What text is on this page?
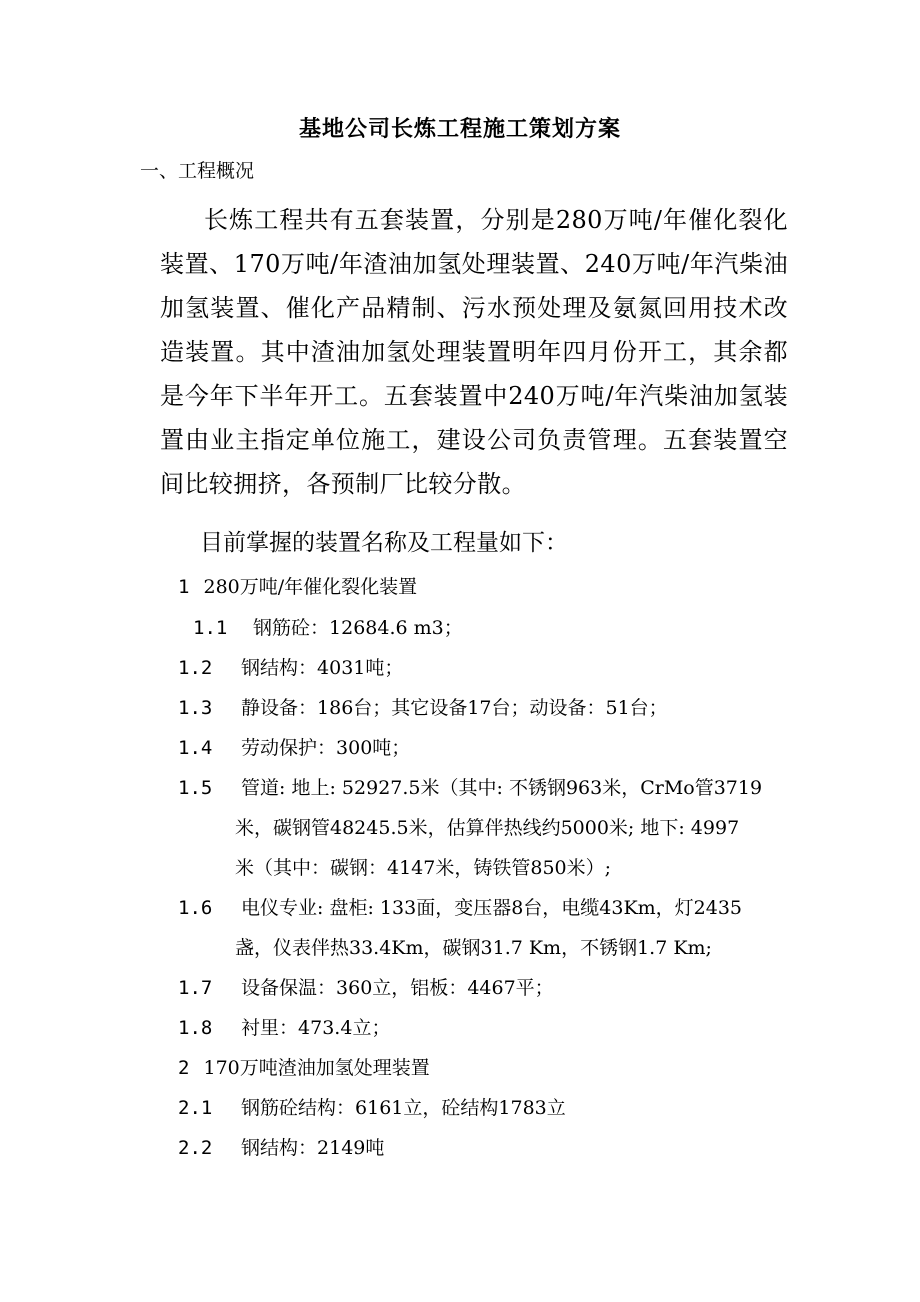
基地公司长炼工程施工策划方案

一、工程概况

长炼工程共有五套装置，分别是280万吨/年催化裂化装置、170万吨/年渣油加氢处理装置、240万吨/年汽柴油加氢装置、催化产品精制、污水预处理及氨氮回用技术改造装置。其中渣油加氢处理装置明年四月份开工，其余都是今年下半年开工。五套装置中240万吨/年汽柴油加氢装置由业主指定单位施工，建设公司负责管理。五套装置空间比较拥挤，各预制厂比较分散。

目前掌握的装置名称及工程量如下：

1 280万吨/年催化裂化装置

1.1 钢筋砼：12684.6 m3；

1.2 钢结构：4031吨；

1.3 静设备：186台；其它设备17台；动设备：51台；

1.4 劳动保护：300吨；

1.5 管道: 地上: 52927.5米（其中: 不锈钢963米，CrMo管3719

米，碳钢管48245.5米，估算伴热线约5000米; 地下: 4997

米（其中：碳钢：4147米，铸铁管850米）;

1.6 电仪专业: 盘柜: 133面，变压器8台，电缆43Km，灯2435

盏，仪表伴热33.4Km，碳钢31.7 Km，不锈钢1.7 Km;

1.7 设备保温：360立，铝板：4467平；

1.8 衬里：473.4立；

2 170万吨渣油加氢处理装置

2.1 钢筋砼结构：6161立，砼结构1783立

2.2 钢结构：2149吨
